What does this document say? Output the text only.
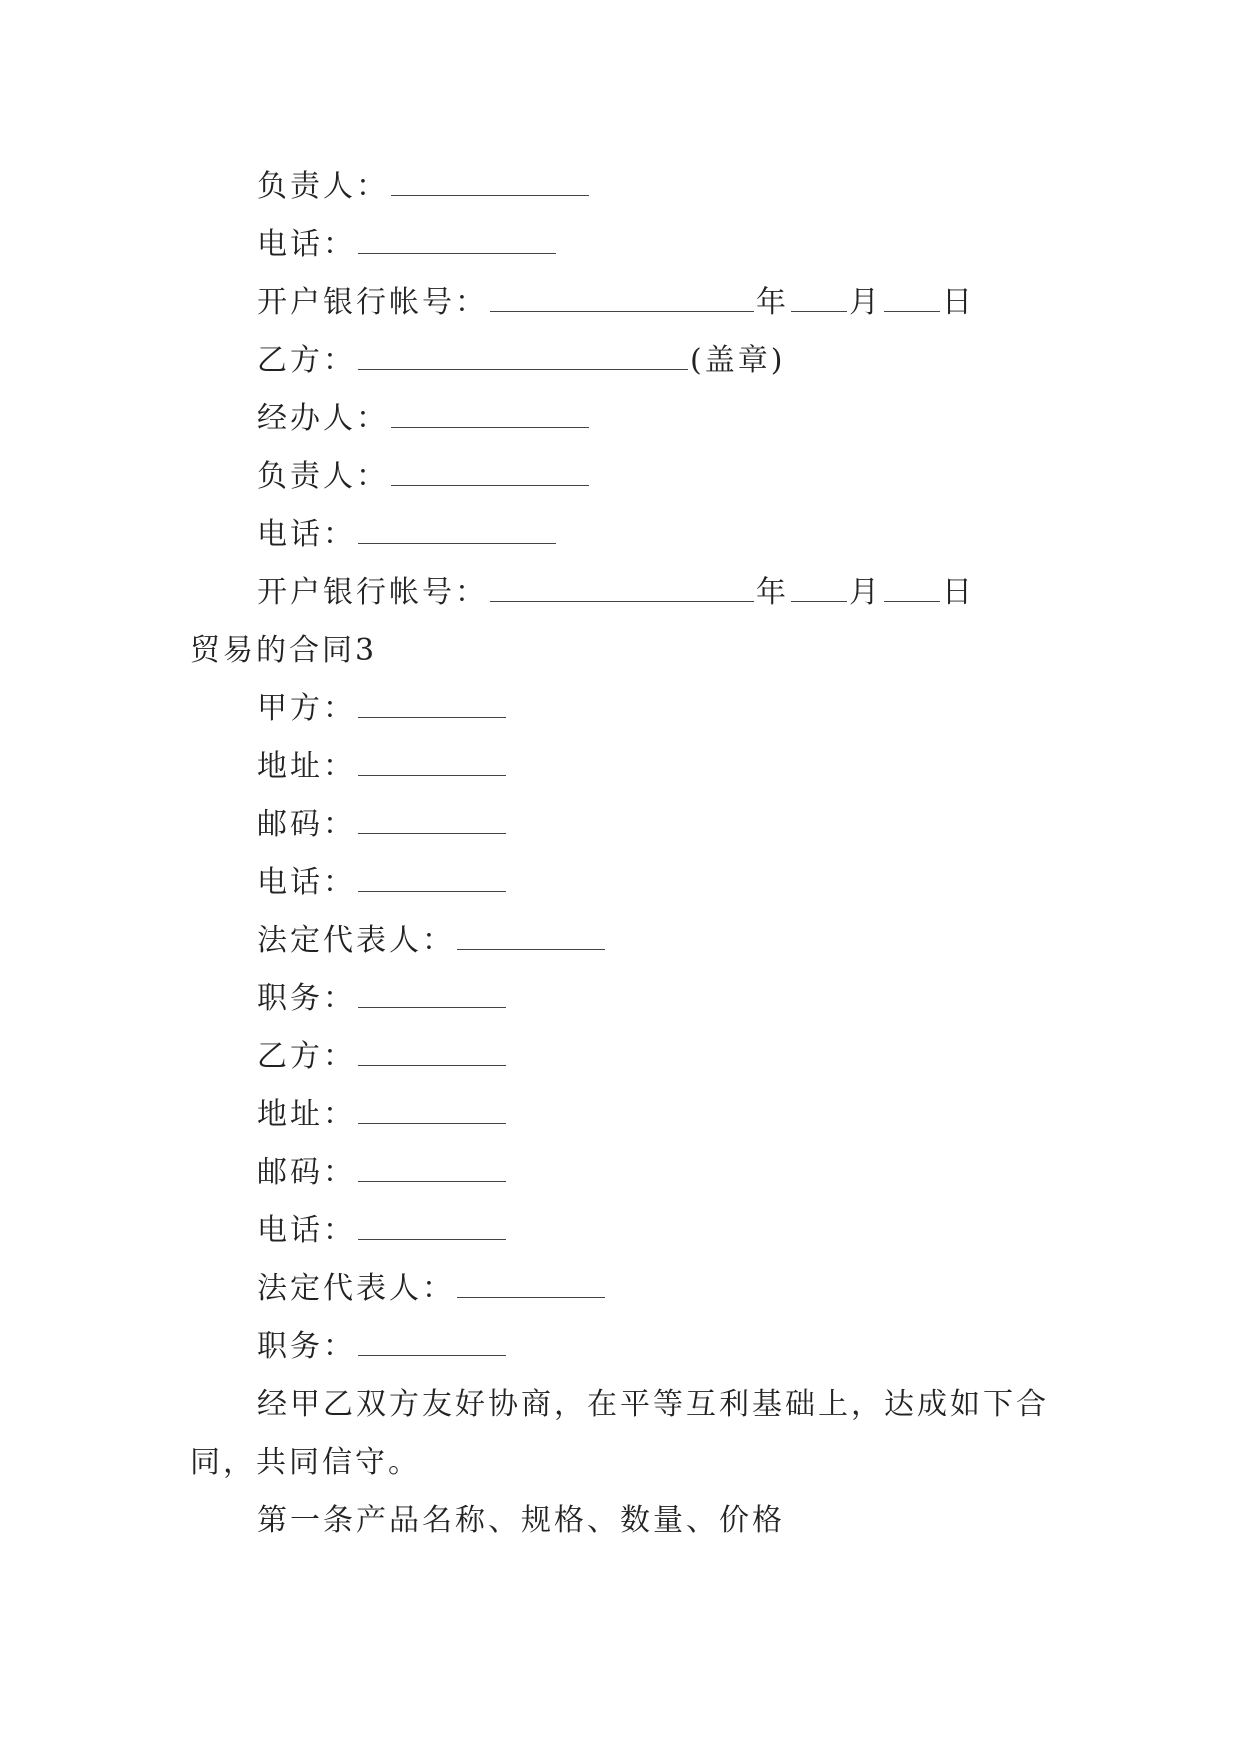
负责人：
电话：
开户银行帐号：	年 月 日
乙方：	(盖章)
经办人：
负责人：
电话：
开户银行帐号：	年 月 日
贸易的合同3
甲方：
地址：
邮码：
电话：
法定代表人：
职务：
乙方：
地址：
邮码：
电话：
法定代表人：
职务：
经甲乙双方友好协商，在平等互利基础上，达成如下合
同，共同信守。
第一条产品名称、规格、数量、价格
